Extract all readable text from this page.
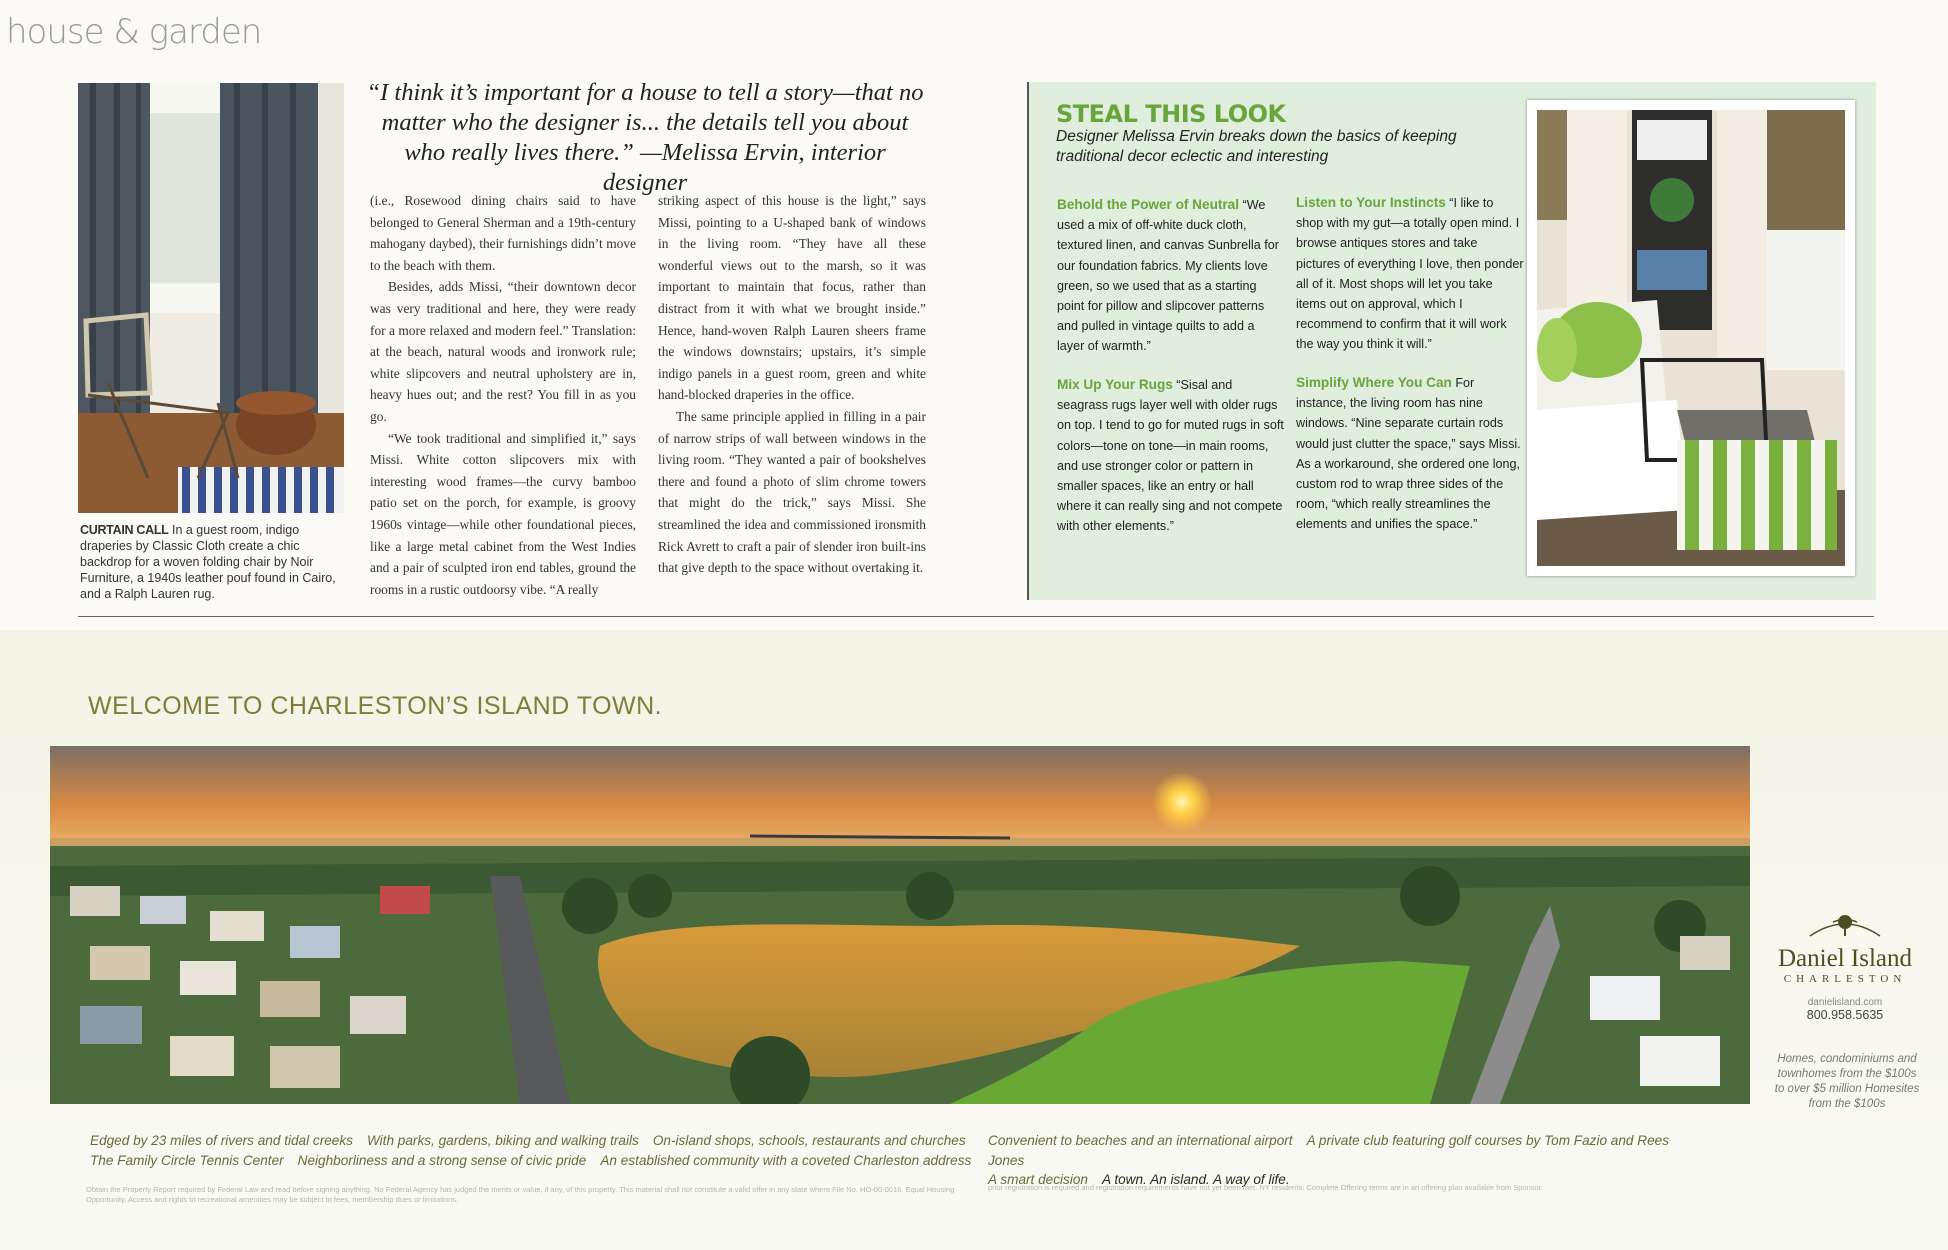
house & garden
CURTAIN CALL In a guest room, indigo draperies by Classic Cloth create a chic backdrop for a woven folding chair by Noir Furniture, a 1940s leather pouf found in Cairo, and a Ralph Lauren rug.
“I think it’s important for a house to tell a story—that no matter who the designer is... the details tell you about who really lives there.” —Melissa Ervin, interior designer

(i.e., Rosewood dining chairs said to have belonged to General Sherman and a 19th-century mahogany daybed), their furnishings didn’t move to the beach with them.

Besides, adds Missi, “their downtown decor was very traditional and here, they were ready for a more relaxed and modern feel.” Translation: at the beach, natural woods and ironwork rule; white slipcovers and neutral upholstery are in, heavy hues out; and the rest? You fill in as you go.

“We took traditional and simplified it,” says Missi. White cotton slipcovers mix with interesting wood frames—the curvy bamboo patio set on the porch, for example, is groovy 1960s vintage—while other foundational pieces, like a large metal cabinet from the West Indies and a pair of sculpted iron end tables, ground the rooms in a rustic outdoorsy vibe. “A really

striking aspect of this house is the light,” says Missi, pointing to a U-shaped bank of windows in the living room. “They have all these wonderful views out to the marsh, so it was important to maintain that focus, rather than distract from it with what we brought inside.” Hence, hand-woven Ralph Lauren sheers frame the windows downstairs; upstairs, it’s simple indigo panels in a guest room, green and white hand-blocked draperies in the office.

The same principle applied in filling in a pair of narrow strips of wall between windows in the living room. “They wanted a pair of bookshelves there and found a photo of slim chrome towers that might do the trick,” says Missi. She streamlined the idea and commissioned ironsmith Rick Avrett to craft a pair of slender iron built-ins that give depth to the space without overtaking it.

STEAL THIS LOOK
Designer Melissa Ervin breaks down the basics of keeping traditional decor eclectic and interesting
Behold the Power of Neutral “We used a mix of off-white duck cloth, textured linen, and canvas Sunbrella for our foundation fabrics. My clients love green, so we used that as a starting point for pillow and slipcover patterns and pulled in vintage quilts to add a layer of warmth.”
Listen to Your Instincts “I like to shop with my gut—a totally open mind. I browse antiques stores and take pictures of everything I love, then ponder all of it. Most shops will let you take items out on approval, which I recommend to confirm that it will work the way you think it will.”
Mix Up Your Rugs “Sisal and seagrass rugs layer well with older rugs on top. I tend to go for muted rugs in soft colors—tone on tone—in main rooms, and use stronger color or pattern in smaller spaces, like an entry or hall where it can really sing and not compete with other elements.”
Simplify Where You Can For instance, the living room has nine windows. “Nine separate curtain rods would just clutter the space,” says Missi. As a workaround, she ordered one long, custom rod to wrap three sides of the room, “which really streamlines the elements and unifies the space.”
WELCOME TO CHARLESTON’S ISLAND TOWN.
Daniel Island
CHARLESTON
danielisland.com
800.958.5635
Homes, condominiums and townhomes from the $100s to over $5 million Homesites from the $100s
Edged by 23 miles of rivers and tidal creeks With parks, gardens, biking and walking trails On-island shops, schools, restaurants and churches
The Family Circle Tennis Center Neighborliness and a strong sense of civic pride An established community with a coveted Charleston address
Convenient to beaches and an international airport A private club featuring golf courses by Tom Fazio and Rees Jones
A smart decision A town. An island. A way of life.
Obtain the Property Report required by Federal Law and read before signing anything. No Federal Agency has judged the merits or value, if any, of this property. This material shall not constitute a valid offer in any state where File No. HO-00-0016. Equal Housing Opportunity. Access and rights to recreational amenities may be subject to fees, membership dues or limitations.
prior registration is required and registration requirements have not yet been met. NY residents: Complete Offering terms are in an offering plan available from Sponsor.
